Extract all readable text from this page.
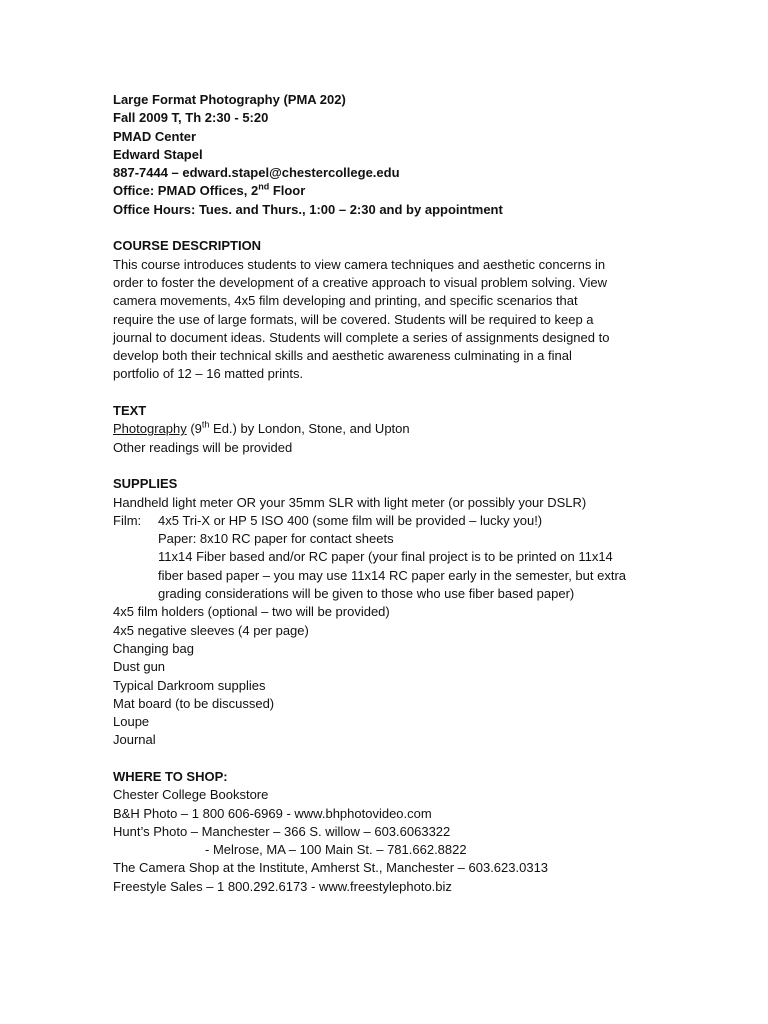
Large Format Photography (PMA 202)
Fall 2009 T, Th 2:30 - 5:20
PMAD Center
Edward Stapel
887-7444 – edward.stapel@chestercollege.edu
Office: PMAD Offices, 2nd Floor
Office Hours: Tues. and Thurs., 1:00 – 2:30 and by appointment
COURSE DESCRIPTION
This course introduces students to view camera techniques and aesthetic concerns in
order to foster the development of a creative approach to visual problem solving. View
camera movements, 4x5 film developing and printing, and specific scenarios that
require the use of large formats, will be covered. Students will be required to keep a
journal to document ideas. Students will complete a series of assignments designed to
develop both their technical skills and aesthetic awareness culminating in a final
portfolio of 12 – 16 matted prints.
TEXT
Photography (9th Ed.) by London, Stone, and Upton
Other readings will be provided
SUPPLIES
Handheld light meter OR your 35mm SLR with light meter (or possibly your DSLR)
Film: 4x5 Tri-X or HP 5 ISO 400 (some film will be provided – lucky you!)
Paper: 8x10 RC paper for contact sheets
11x14 Fiber based and/or RC paper (your final project is to be printed on 11x14
fiber based paper – you may use 11x14 RC paper early in the semester, but extra
grading considerations will be given to those who use fiber based paper)
4x5 film holders (optional – two will be provided)
4x5 negative sleeves (4 per page)
Changing bag
Dust gun
Typical Darkroom supplies
Mat board (to be discussed)
Loupe
Journal
WHERE TO SHOP:
Chester College Bookstore
B&H Photo – 1 800 606-6969 - www.bhphotovideo.com
Hunt’s Photo – Manchester – 366 S. willow – 603.6063322
- Melrose, MA – 100 Main St. – 781.662.8822
The Camera Shop at the Institute, Amherst St., Manchester – 603.623.0313
Freestyle Sales – 1 800.292.6173 - www.freestylephoto.biz
